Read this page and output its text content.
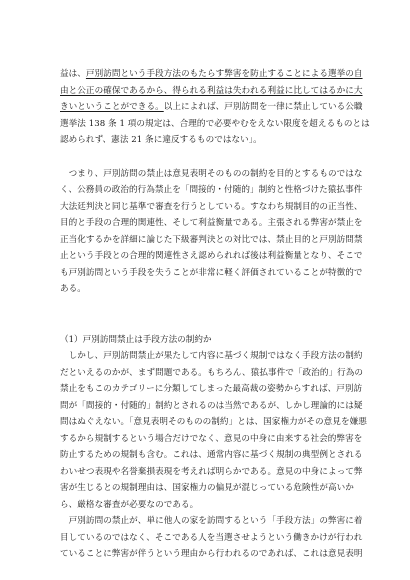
益は、戸別訪問という手段方法のもたらす弊害を防止することによる選挙の自
由と公正の確保であるから、得られる利益は失われる利益に比してはるかに大
きいということができる。以上によれば、戸別訪問を一律に禁止している公職
選挙法 138 条 1 項の規定は、合理的で必要やむをえない限度を超えるものとは
認められず、憲法 21 条に違反するものではない」。

　つまり、戸別訪問の禁止は意見表明そのものの制約を目的とするものではな
く、公務員の政治的行為禁止を「間接的・付随的」制約と性格づけた猿払事件
大法廷判決と同じ基準で審査を行うとしている。すなわち規制目的の正当性、
目的と手段の合理的関連性、そして利益衡量である。主張される弊害が禁止を
正当化するかを詳細に論じた下級審判決との対比では、禁止目的と戸別訪問禁
止という手段との合理的関連性さえ認められれば後は利益衡量となり、そこで
も戸別訪問という手段を失うことが非常に軽く評価されていることが特徴的で
ある。

（1）戸別訪問禁止は手段方法の制約か

　しかし、戸別訪問禁止が果たして内容に基づく規制ではなく手段方法の制約
だといえるのかが、まず問題である。もちろん、猿払事件で「政治的」行為の
禁止をもこのカテゴリーに分類してしまった最高裁の姿勢からすれば、戸別訪
問が「間接的・付随的」制約とされるのは当然であるが、しかし理論的には疑
問はぬぐえない。「意見表明そのものの制約」とは、国家権力がその意見を嫌悪
するから規制するという場合だけでなく、意見の中身に由来する社会的弊害を
防止するための規制も含む。これは、通常内容に基づく規制の典型例とされる
わいせつ表現や名誉棄損表現を考えれば明らかである。意見の中身によって弊
害が生じるとの規制理由は、国家権力の偏見が混じっている危険性が高いか
ら、厳格な審査が必要なのである。

　戸別訪問の禁止が、単に他人の家を訪問するという「手段方法」の弊害に着
目しているのではなく、そこである人を当選させようという働きかけが行われ
ていることに弊害が伴うという理由から行われるのであれば、これは意見表明
